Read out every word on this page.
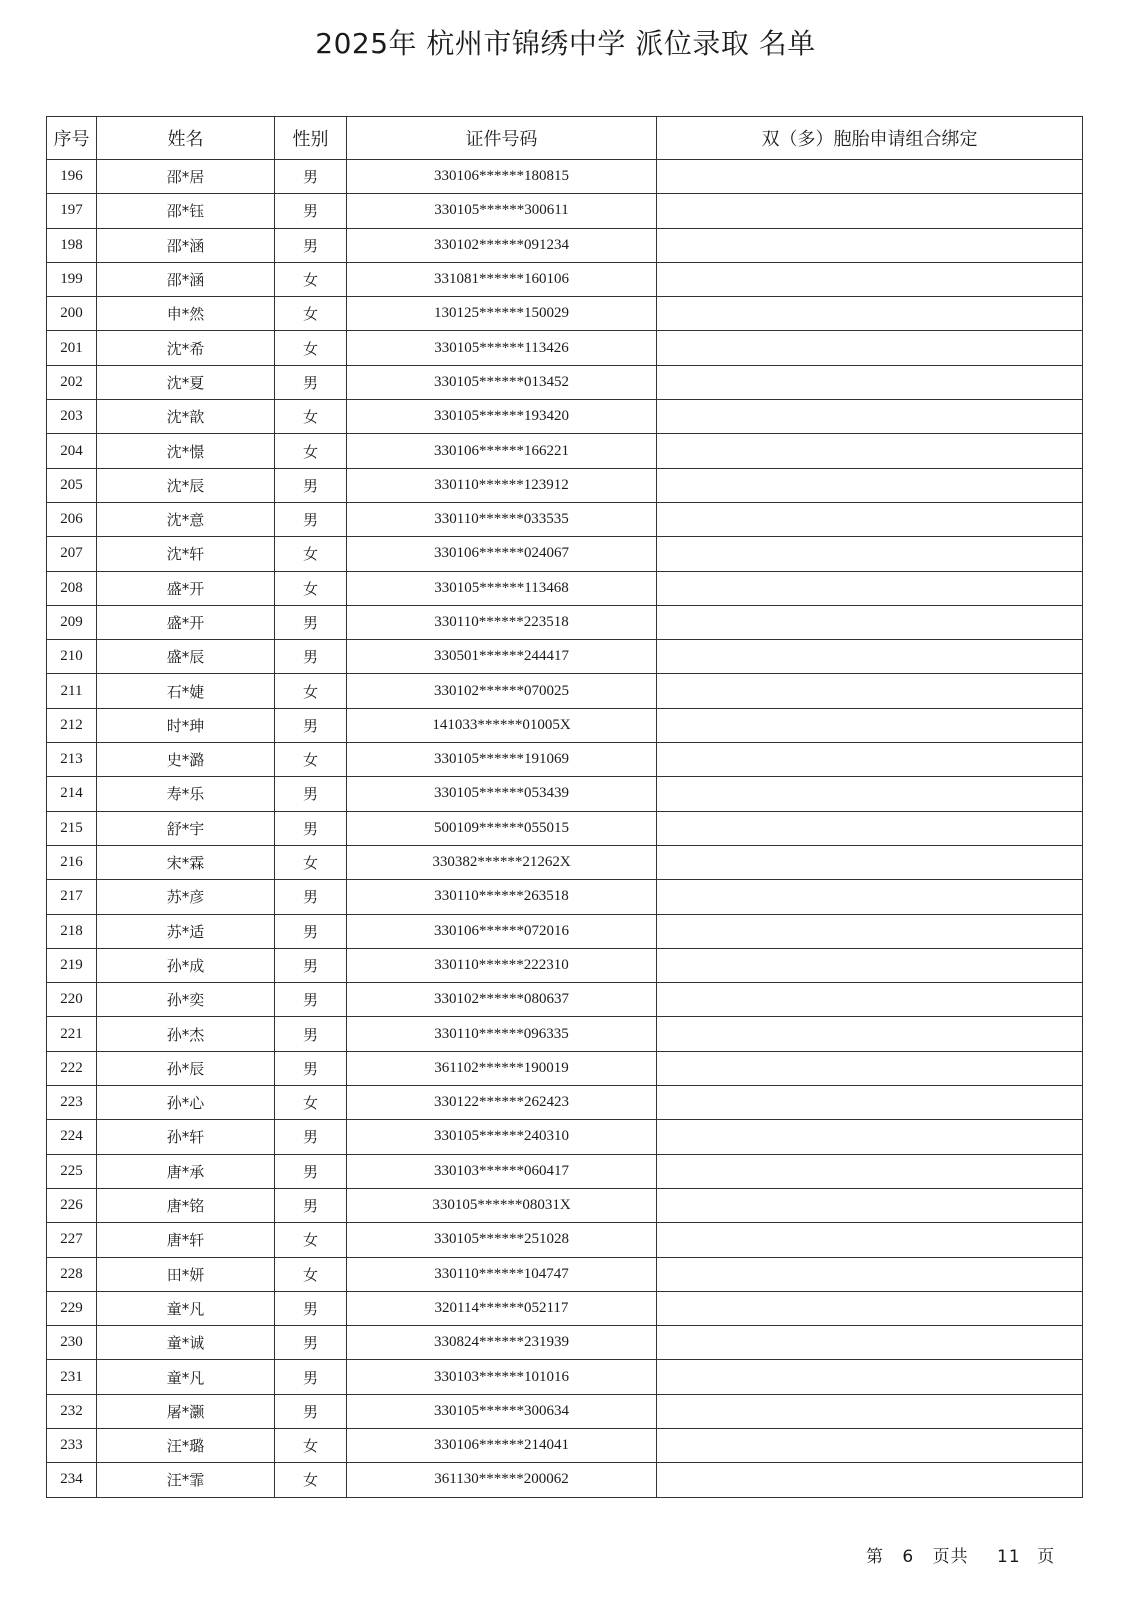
2025年 杭州市锦绣中学 派位录取 名单
序号	姓名	性别	证件号码	双（多）胞胎申请组合绑定
196	邵*居	男	330106******180815	
197	邵*钰	男	330105******300611	
198	邵*涵	男	330102******091234	
199	邵*涵	女	331081******160106	
200	申*然	女	130125******150029	
201	沈*希	女	330105******113426	
202	沈*夏	男	330105******013452	
203	沈*歆	女	330105******193420	
204	沈*憬	女	330106******166221	
205	沈*辰	男	330110******123912	
206	沈*意	男	330110******033535	
207	沈*轩	女	330106******024067	
208	盛*开	女	330105******113468	
209	盛*开	男	330110******223518	
210	盛*辰	男	330501******244417	
211	石*婕	女	330102******070025	
212	时*珅	男	141033******01005X	
213	史*潞	女	330105******191069	
214	寿*乐	男	330105******053439	
215	舒*宇	男	500109******055015	
216	宋*霖	女	330382******21262X	
217	苏*彦	男	330110******263518	
218	苏*适	男	330106******072016	
219	孙*成	男	330110******222310	
220	孙*奕	男	330102******080637	
221	孙*杰	男	330110******096335	
222	孙*辰	男	361102******190019	
223	孙*心	女	330122******262423	
224	孙*轩	男	330105******240310	
225	唐*承	男	330103******060417	
226	唐*铭	男	330105******08031X	
227	唐*轩	女	330105******251028	
228	田*妍	女	330110******104747	
229	童*凡	男	320114******052117	
230	童*诚	男	330824******231939	
231	童*凡	男	330103******101016	
232	屠*灏	男	330105******300634	
233	汪*璐	女	330106******214041	
234	汪*霏	女	361130******200062	
第 6 页共 11 页
